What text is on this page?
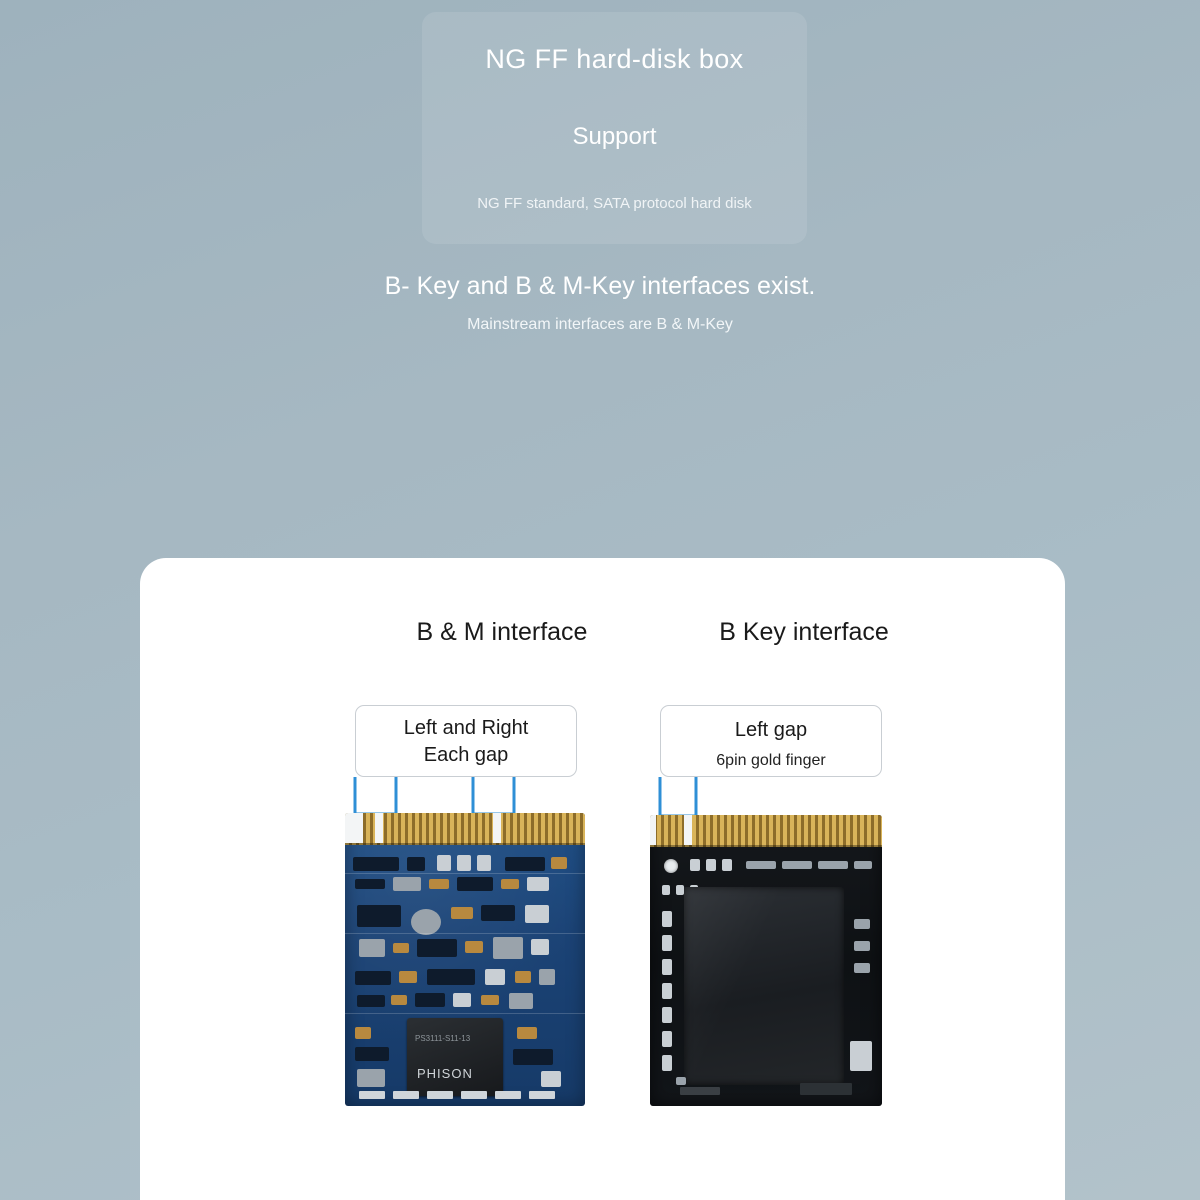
NG FF hard-disk box
Support
NG FF standard, SATA protocol hard disk
B- Key and B & M-Key interfaces exist.
Mainstream interfaces are B & M-Key
B & M interface	B Key interface
Left and Right
Each gap
Left gap
6pin gold finger
PS3111-S11-13
PHISON
